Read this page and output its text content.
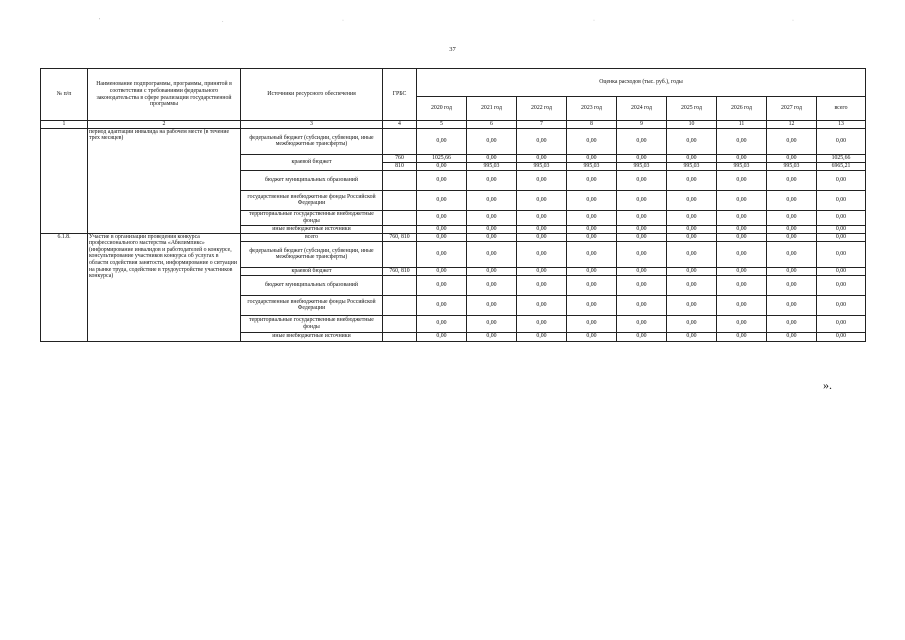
'	.	·	·	·
37
№ п/п	Наименование подпрограммы, программы, принятой в соответствии с требованиями федерального законодательства в сфере реализации государственной программы	Источники ресурсного обеспечения	ГРБС	Оценка расходов (тыс. руб.), годы								
				2020 год	2021 год	2022 год	2023 год	2024 год	2025 год	2026 год	2027 год	всего
1	2	3	4	5	6	7	8	9	10	11	12	13
	период адаптации инвалида на рабочем месте (в течение трех месяцев)	федеральный бюджет (субсидии, субвенции, иные межбюджетные трансферты)		0,00	0,00	0,00	0,00	0,00	0,00	0,00	0,00	0,00
		краевой бюджет	760	1025,66	0,00	0,00	0,00	0,00	0,00	0,00	0,00	1025,66
			810	0,00	995,03	995,03	995,03	995,03	995,03	995,03	995,03	6965,21
		бюджет муниципальных образований		0,00	0,00	0,00	0,00	0,00	0,00	0,00	0,00	0,00
		государственные внебюджетные фонды Российской Федерации		0,00	0,00	0,00	0,00	0,00	0,00	0,00	0,00	0,00
		территориальные государственные внебюджетные фонды		0,00	0,00	0,00	0,00	0,00	0,00	0,00	0,00	0,00
		иные внебюджетные источники		0,00	0,00	0,00	0,00	0,00	0,00	0,00	0,00	0,00
6.1.8.	Участие в организации проведения конкурса профессионального мастерства «Абилимпикс» (информирование инвалидов и работодателей о конкурсе, консультирование участников конкурса об услугах в области содействия занятости, информирование о ситуации на рынке труда, содействие в трудоустройстве участников конкурса)	всего	760, 810	0,00	0,00	0,00	0,00	0,00	0,00	0,00	0,00	0,00
		федеральный бюджет (субсидии, субвенции, иные межбюджетные трансферты)		0,00	0,00	0,00	0,00	0,00	0,00	0,00	0,00	0,00
		краевой бюджет	760, 810	0,00	0,00	0,00	0,00	0,00	0,00	0,00	0,00	0,00
		бюджет муниципальных образований		0,00	0,00	0,00	0,00	0,00	0,00	0,00	0,00	0,00
		государственные внебюджетные фонды Российской Федерации		0,00	0,00	0,00	0,00	0,00	0,00	0,00	0,00	0,00
		территориальные государственные внебюджетные фонды		0,00	0,00	0,00	0,00	0,00	0,00	0,00	0,00	0,00
		иные внебюджетные источники		0,00	0,00	0,00	0,00	0,00	0,00	0,00	0,00	0,00
».
